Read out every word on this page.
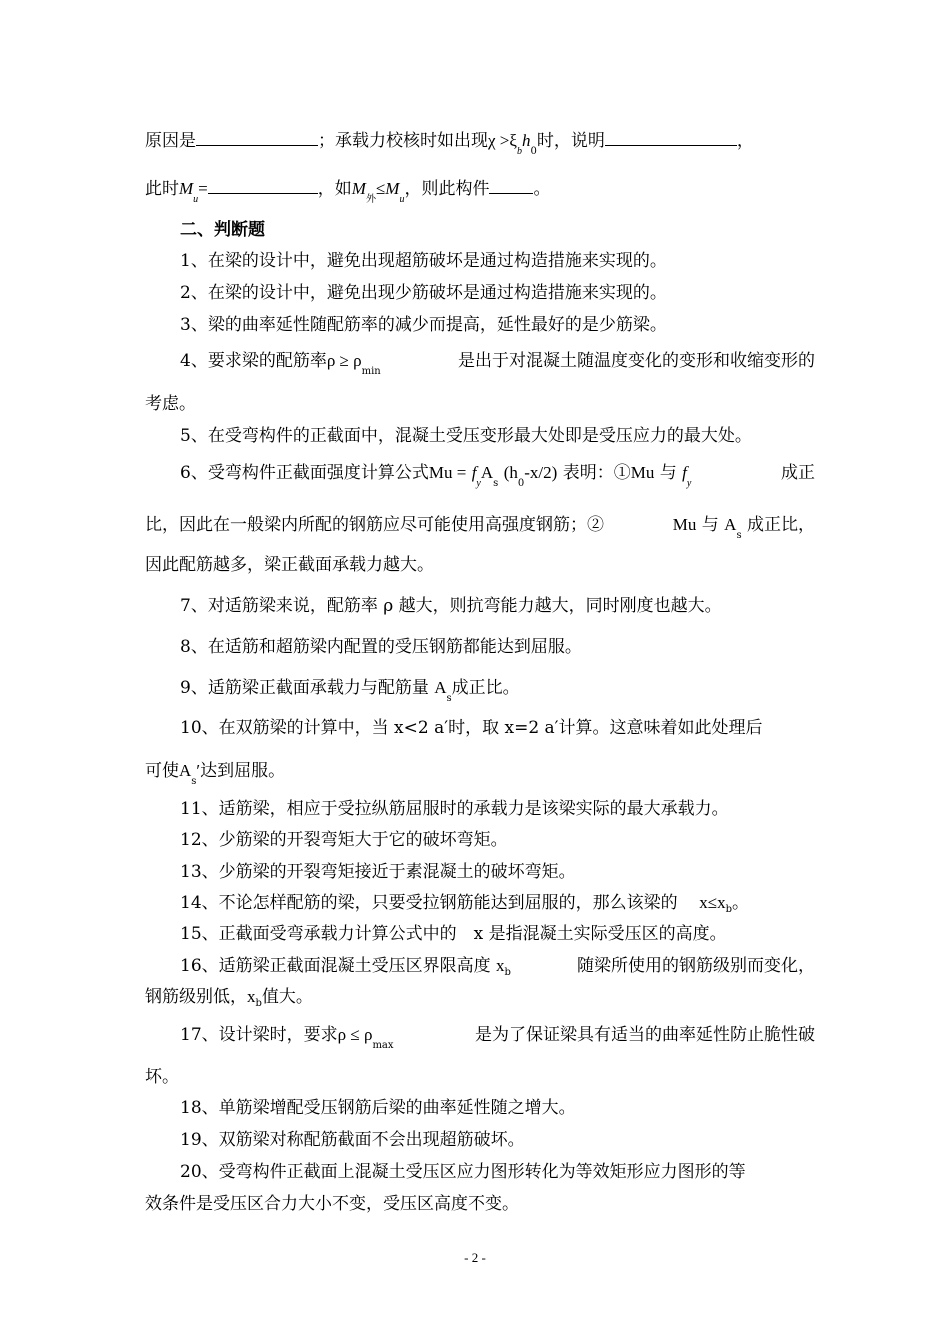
原因是	；承载力校核时如出现$\chi >\xi_bh_0$时，说明	，
此时$M_u=$	，如$M_外\le M_u$，则此构件	。
二、判断题
1、在梁的设计中，避免出现超筋破坏是通过构造措施来实现的。
2、在梁的设计中，避免出现少筋破坏是通过构造措施来实现的。
3、梁的曲率延性随配筋率的减少而提高，延性最好的是少筋梁。
4、要求梁的配筋率$\rho \ge \rho_{min}$
是出于对混凝土随温度变化的变形和收缩变形的
考虑。
5、在受弯构件的正截面中，混凝土受压变形最大处即是受压应力的最大处。
6、受弯构件正截面强度计算公式$Mu = f_yA_s$ $(h_0-x/2)$ 表明：①Mu 与 $f_y$
成正
比，因此在一般梁内所配的钢筋应尽可能使用高强度钢筋；②	Mu 与 $A_s$ 成正比，
因此配筋越多，梁正截面承载力越大。
7、对适筋梁来说，配筋率 ρ 越大，则抗弯能力越大，同时刚度也越大。
8、在适筋和超筋梁内配置的受压钢筋都能达到屈服。
9、适筋梁正截面承载力与配筋量 $A_s$成正比。
10、在双筋梁的计算中，当 x<2 a′时，取 x=2 a′计算。这意味着如此处理后
可使$A_s'$达到屈服。
11、适筋梁，相应于受拉纵筋屈服时的承载力是该梁实际的最大承载力。
12、少筋梁的开裂弯矩大于它的破坏弯矩。
13、少筋梁的开裂弯矩接近于素混凝土的破坏弯矩。
14、不论怎样配筋的梁，只要受拉钢筋能达到屈服的，那么该梁的 $x\le x_b$。
15、正截面受弯承载力计算公式中的　x 是指混凝土实际受压区的高度。
16、适筋梁正截面混凝土受压区界限高度 $x_b$	随梁所使用的钢筋级别而变化，
钢筋级别低，$x_b$值大。
17、设计梁时，要求$\rho \le \rho_{max}$
是为了保证梁具有适当的曲率延性防止脆性破
坏。
18、单筋梁增配受压钢筋后梁的曲率延性随之增大。
19、双筋梁对称配筋截面不会出现超筋破坏。
20、受弯构件正截面上混凝土受压区应力图形转化为等效矩形应力图形的等
效条件是受压区合力大小不变，受压区高度不变。
- 2 -
